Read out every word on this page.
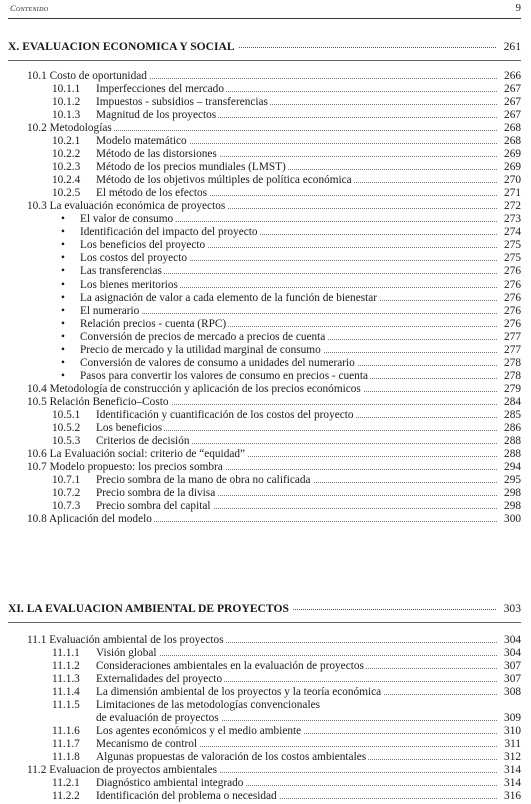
Contenido	9
X. EVALUACION ECONOMICA Y SOCIAL	261
10.1 Costo de oportunidad	266
10.1.1 Imperfecciones del mercado	267
10.1.2 Impuestos - subsidios – transferencias	267
10.1.3 Magnitud de los proyectos	267
10.2 Metodologías	268
10.2.1 Modelo matemático	268
10.2.2 Método de las distorsiones	269
10.2.3 Método de los precios mundiales (LMST)	269
10.2.4 Método de los objetivos múltiples de política económica	270
10.2.5 El método de los efectos	271
10.3 La evaluación económica de proyectos	272
• El valor de consumo	273
• Identificación del impacto del proyecto	274
• Los beneficios del proyecto	275
• Los costos del proyecto	275
• Las transferencias	276
• Los bienes meritorios	276
• La asignación de valor a cada elemento de la función de bienestar	276
• El numerario	276
• Relación precios - cuenta (RPC)	276
• Conversión de precios de mercado a precios de cuenta	277
• Precio de mercado y la utilidad marginal de consumo	277
• Conversión de valores de consumo a unidades del numerario	278
• Pasos para convertir los valores de consumo en precios - cuenta	278
10.4 Metodología de construcción y aplicación de los precios económicos	279
10.5 Relación Beneficio–Costo	284
10.5.1 Identificación y cuantificación de los costos del proyecto	285
10.5.2 Los beneficios	286
10.5.3 Criterios de decisión	288
10.6 La Evaluación social: criterio de “equidad”	288
10.7 Modelo propuesto: los precios sombra	294
10.7.1 Precio sombra de la mano de obra no calificada	295
10.7.2 Precio sombra de la divisa	298
10.7.3 Precio sombra del capital	298
10.8 Aplicación del modelo	300
XI. LA EVALUACION AMBIENTAL DE PROYECTOS	303
11.1 Evaluación ambiental de los proyectos	304
11.1.1 Visión global	304
11.1.2 Consideraciones ambientales en la evaluación de proyectos	307
11.1.3 Externalidades del proyecto	307
11.1.4 La dimensión ambiental de los proyectos y la teoría económica	308
11.1.5 Limitaciones de las metodologías convencionales
de evaluación de proyectos	309
11.1.6 Los agentes económicos y el medio ambiente	310
11.1.7 Mecanismo de control	311
11.1.8 Algunas propuestas de valoración de los costos ambientales	312
11.2 Evaluacion de proyectos ambientales	314
11.2.1 Diagnóstico ambiental integrado	314
11.2.2 Identificación del problema o necesidad	316
